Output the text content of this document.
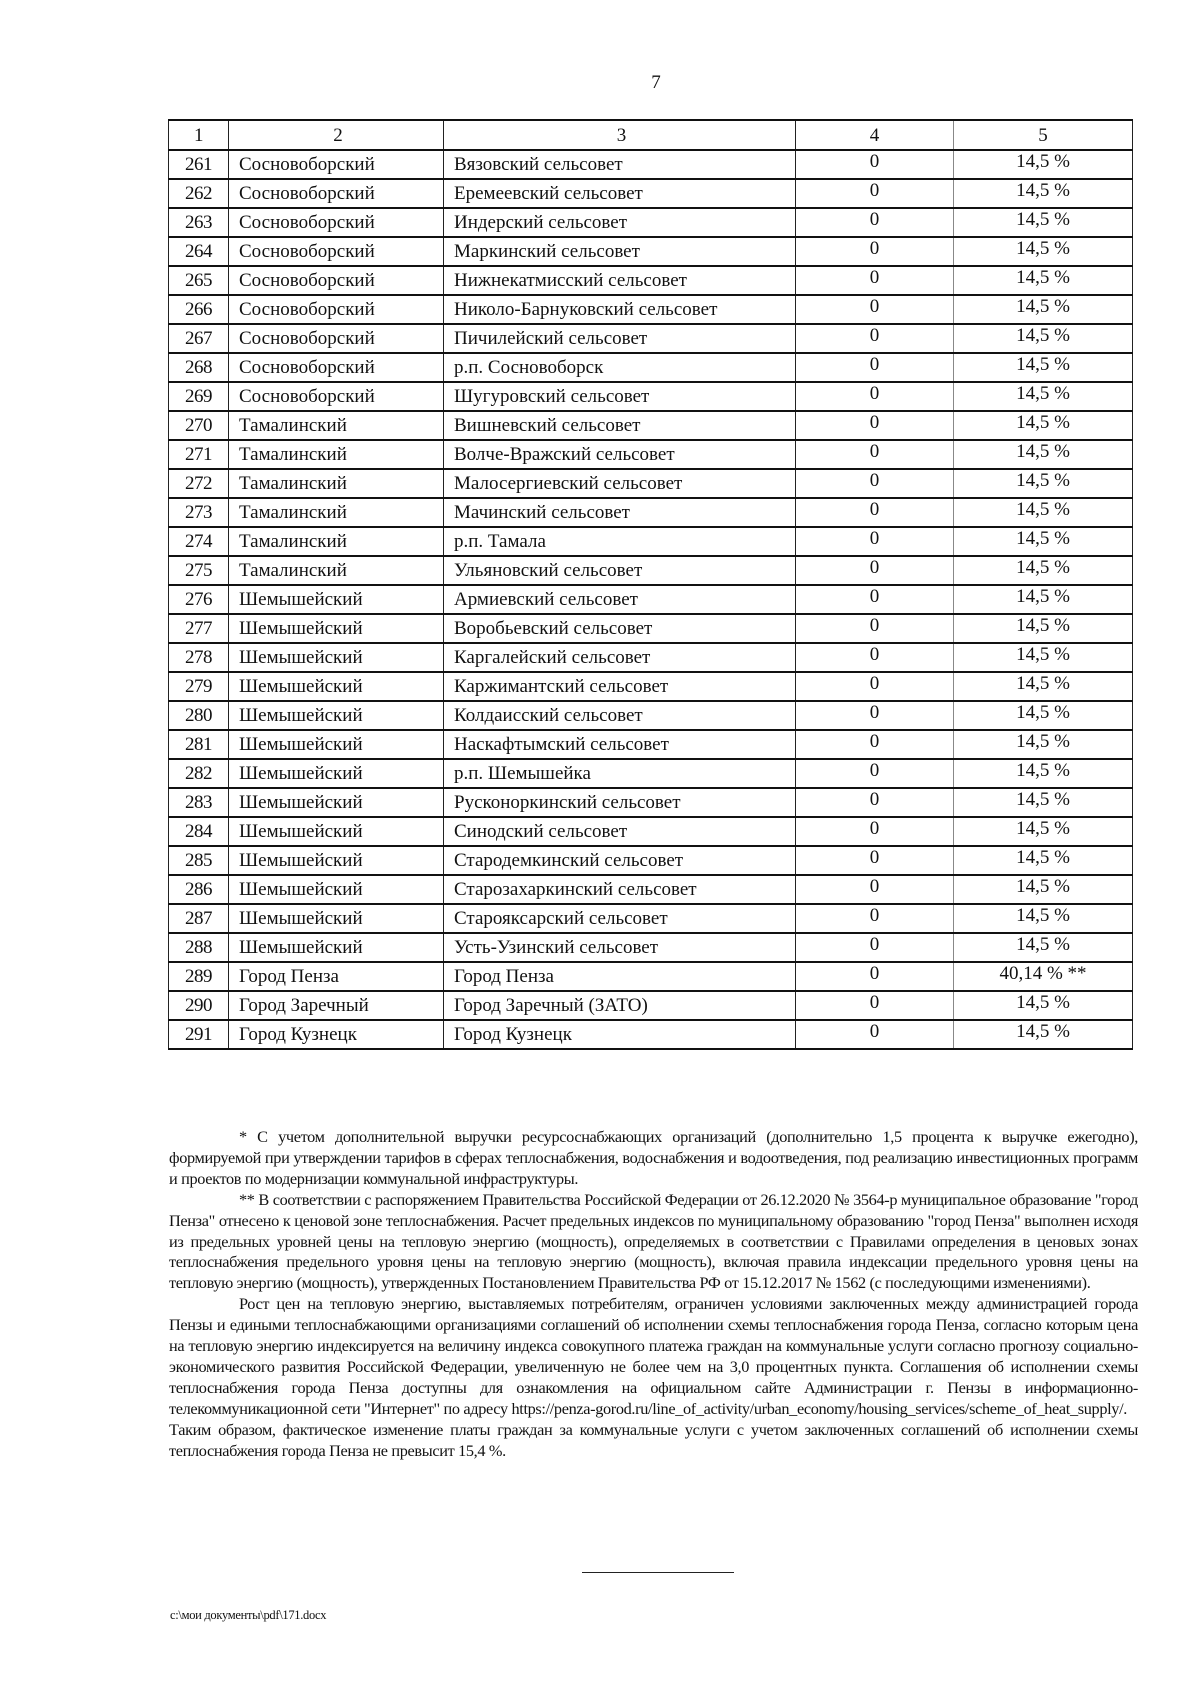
7
1	2	3	4	5
261	Сосновоборский	Вязовский сельсовет	0	14,5 %
262	Сосновоборский	Еремеевский сельсовет	0	14,5 %
263	Сосновоборский	Индерский сельсовет	0	14,5 %
264	Сосновоборский	Маркинский сельсовет	0	14,5 %
265	Сосновоборский	Нижнекатмисский сельсовет	0	14,5 %
266	Сосновоборский	Николо-Барнуковский сельсовет	0	14,5 %
267	Сосновоборский	Пичилейский сельсовет	0	14,5 %
268	Сосновоборский	р.п. Сосновоборск	0	14,5 %
269	Сосновоборский	Шугуровский сельсовет	0	14,5 %
270	Тамалинский	Вишневский сельсовет	0	14,5 %
271	Тамалинский	Волче-Вражский сельсовет	0	14,5 %
272	Тамалинский	Малосергиевский сельсовет	0	14,5 %
273	Тамалинский	Мачинский сельсовет	0	14,5 %
274	Тамалинский	р.п. Тамала	0	14,5 %
275	Тамалинский	Ульяновский сельсовет	0	14,5 %
276	Шемышейский	Армиевский сельсовет	0	14,5 %
277	Шемышейский	Воробьевский сельсовет	0	14,5 %
278	Шемышейский	Каргалейский сельсовет	0	14,5 %
279	Шемышейский	Каржимантский сельсовет	0	14,5 %
280	Шемышейский	Колдаисский сельсовет	0	14,5 %
281	Шемышейский	Наскафтымский сельсовет	0	14,5 %
282	Шемышейский	р.п. Шемышейка	0	14,5 %
283	Шемышейский	Русконоркинский сельсовет	0	14,5 %
284	Шемышейский	Синодский сельсовет	0	14,5 %
285	Шемышейский	Стародемкинский сельсовет	0	14,5 %
286	Шемышейский	Старозахаркинский сельсовет	0	14,5 %
287	Шемышейский	Старояксарский сельсовет	0	14,5 %
288	Шемышейский	Усть-Узинский сельсовет	0	14,5 %
289	Город Пенза	Город Пенза	0	40,14 % **
290	Город Заречный	Город Заречный (ЗАТО)	0	14,5 %
291	Город Кузнецк	Город Кузнецк	0	14,5 %

* С учетом дополнительной выручки ресурсоснабжающих организаций (дополнительно 1,5 процента к выручке ежегодно), формируемой при утверждении тарифов в сферах теплоснабжения, водоснабжения и водоотведения, под реализацию инвестиционных программ и проектов по модернизации коммунальной инфраструктуры.

** В соответствии с распоряжением Правительства Российской Федерации от 26.12.2020 № 3564-р муниципальное образование "город Пенза" отнесено к ценовой зоне теплоснабжения. Расчет предельных индексов по муниципальному образованию "город Пенза" выполнен исходя из предельных уровней цены на тепловую энергию (мощность), определяемых в соответствии с Правилами определения в ценовых зонах теплоснабжения предельного уровня цены на тепловую энергию (мощность), включая правила индексации предельного уровня цены на тепловую энергию (мощность), утвержденных Постановлением Правительства РФ от 15.12.2017 № 1562 (с последующими изменениями).

Рост цен на тепловую энергию, выставляемых потребителям, ограничен условиями заключенных между администрацией города Пензы и едиными теплоснабжающими организациями соглашений об исполнении схемы теплоснабжения города Пенза, согласно которым цена на тепловую энергию индексируется на величину индекса совокупного платежа граждан на коммунальные услуги согласно прогнозу социально-экономического развития Российской Федерации, увеличенную не более чем на 3,0 процентных пункта. Соглашения об исполнении схемы теплоснабжения города Пенза доступны для ознакомления на официальном сайте Администрации г. Пензы в информационно-телекоммуникационной сети "Интернет" по адресу https://penza-gorod.ru/line_of_activity/urban_economy/housing_services/scheme_of_heat_supply/.

Таким образом, фактическое изменение платы граждан за коммунальные услуги с учетом заключенных соглашений об исполнении схемы теплоснабжения города Пенза не превысит 15,4 %.

c:\мои документы\pdf\171.docx
